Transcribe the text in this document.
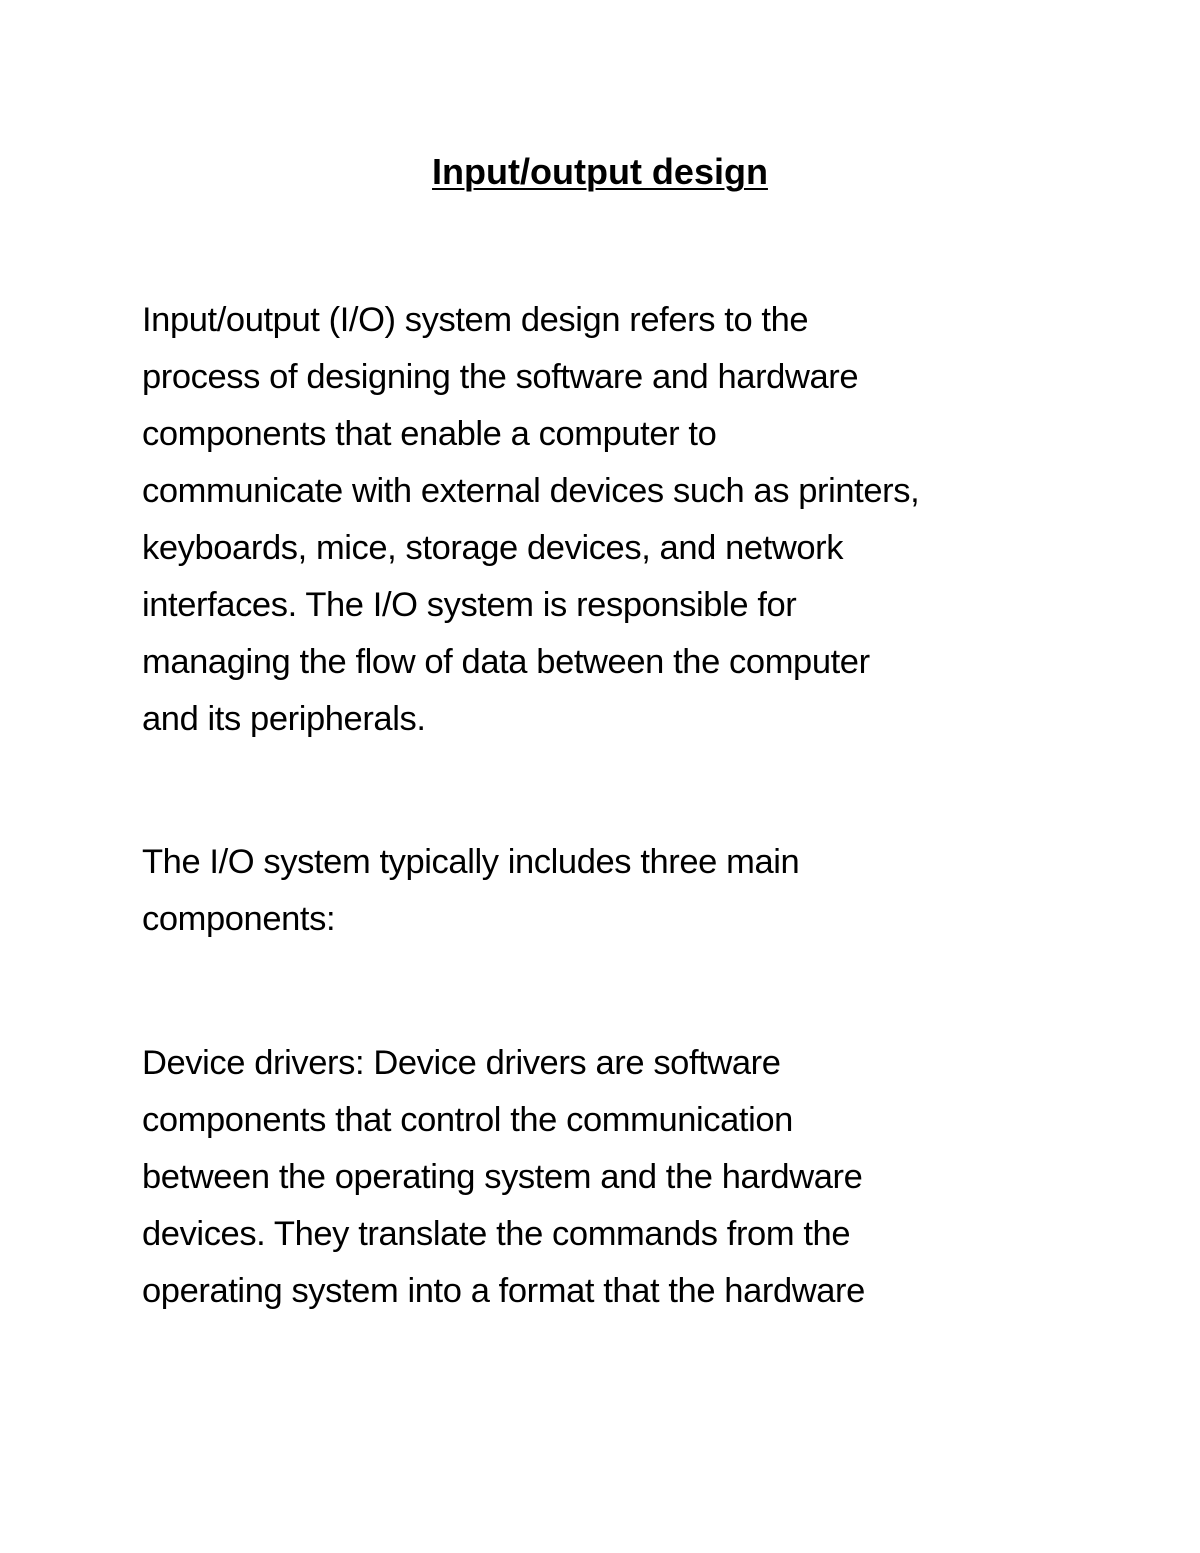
Input/output design

Input/output (I/O) system design refers to the

process of designing the software and hardware

components that enable a computer to

communicate with external devices such as printers,

keyboards, mice, storage devices, and network

interfaces. The I/O system is responsible for

managing the flow of data between the computer

and its peripherals.

The I/O system typically includes three main

components:

Device drivers: Device drivers are software

components that control the communication

between the operating system and the hardware

devices. They translate the commands from the

operating system into a format that the hardware
